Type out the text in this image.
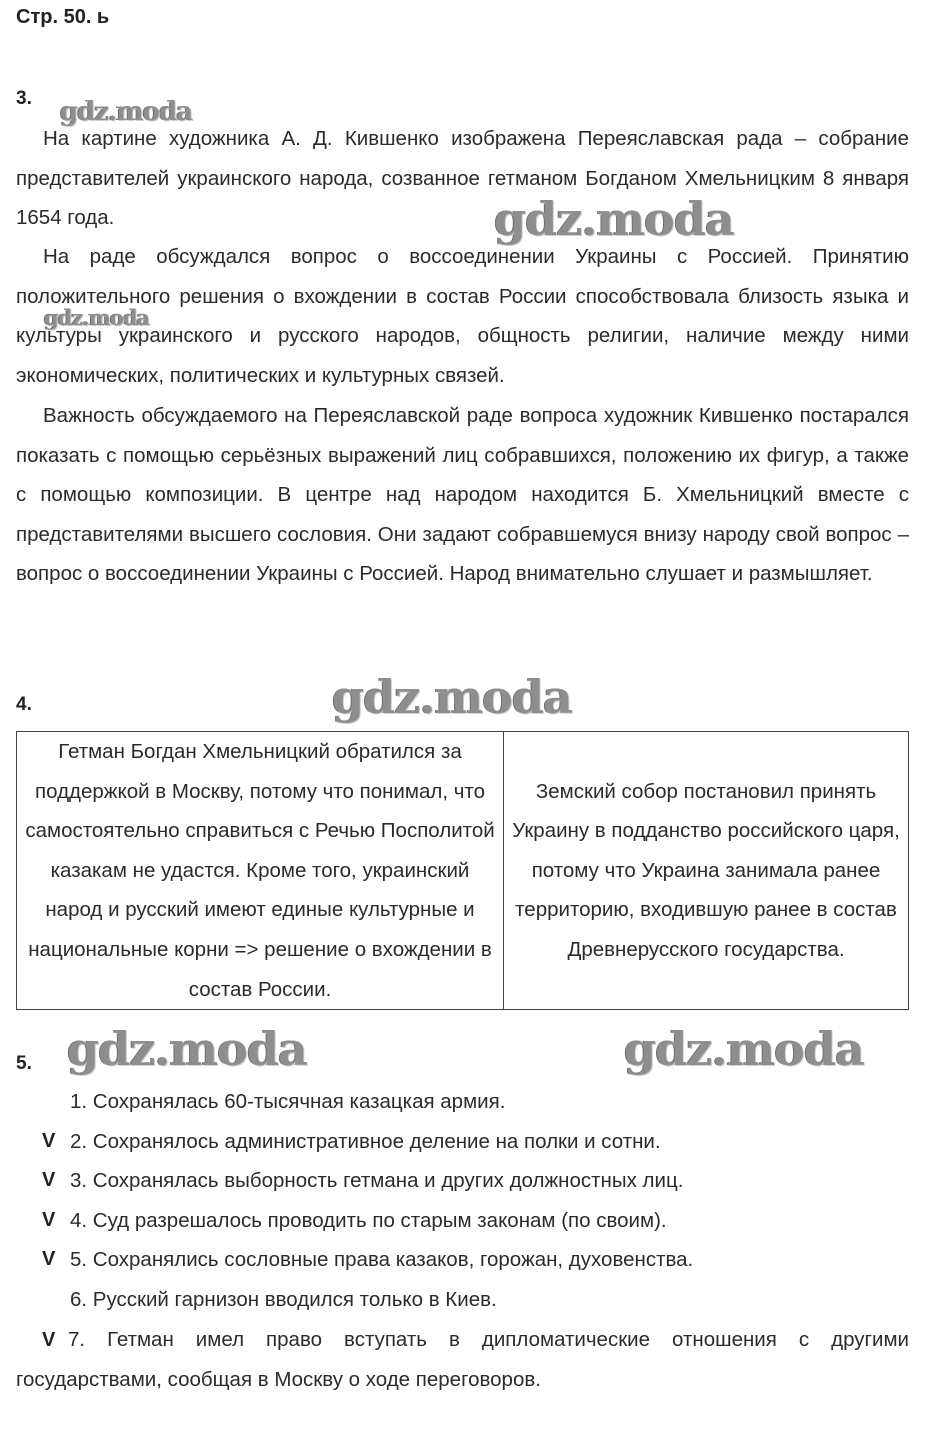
Стр. 50. ь
3. gdz.moda

На картине художника А. Д. Кившенко изображена Переяславская рада – собрание представителей украинского народа, созванное гетманом Богданом Хмельницким 8 января 1654 года.	gdz.moda

На раде обсуждался вопрос о воссоединении Украины с Россией. Принятию положительного решения о вхождении в состав России способствовала близость языка и культуры украинского и русского народов, общность религии, наличие между ними экономических, политических и культурных связей.

gdz.moda

Важность обсуждаемого на Переяславской раде вопроса художник Кившенко постарался показать с помощью серьёзных выражений лиц собравшихся, положению их фигур, а также с помощью композиции. В центре над народом находится Б. Хмельницкий вместе с представителями высшего сословия. Они задают собравшемуся внизу народу свой вопрос – вопрос о воссоединении Украины с Россией. Народ внимательно слушает и размышляет.

gdz.moda
4.
Гетман Богдан Хмельницкий обратился за поддержкой в Москву, потому что понимал, что самостоятельно справиться с Речью Посполитой казакам не удастся. Кроме того, украинский народ и русский имеют единые культурные и национальные корни => решение о вхождении в состав России.	Земский собор постановил принять Украину в подданство российского царя, потому что Украина занимала ранее территорию, входившую ранее в состав Древнерусского государства.
gdz.moda	gdz.moda
5.
1. Сохранялась 60-тысячная казацкая армия.
V 2. Сохранялось административное деление на полки и сотни.
V 3. Сохранялась выборность гетмана и других должностных лиц.
V 4. Суд разрешалось проводить по старым законам (по своим).
V 5. Сохранялись сословные права казаков, горожан, духовенства.
6. Русский гарнизон вводился только в Киев.
V 7. Гетман имел право вступать в дипломатические отношения с другими государствами, сообщая в Москву о ходе переговоров.
